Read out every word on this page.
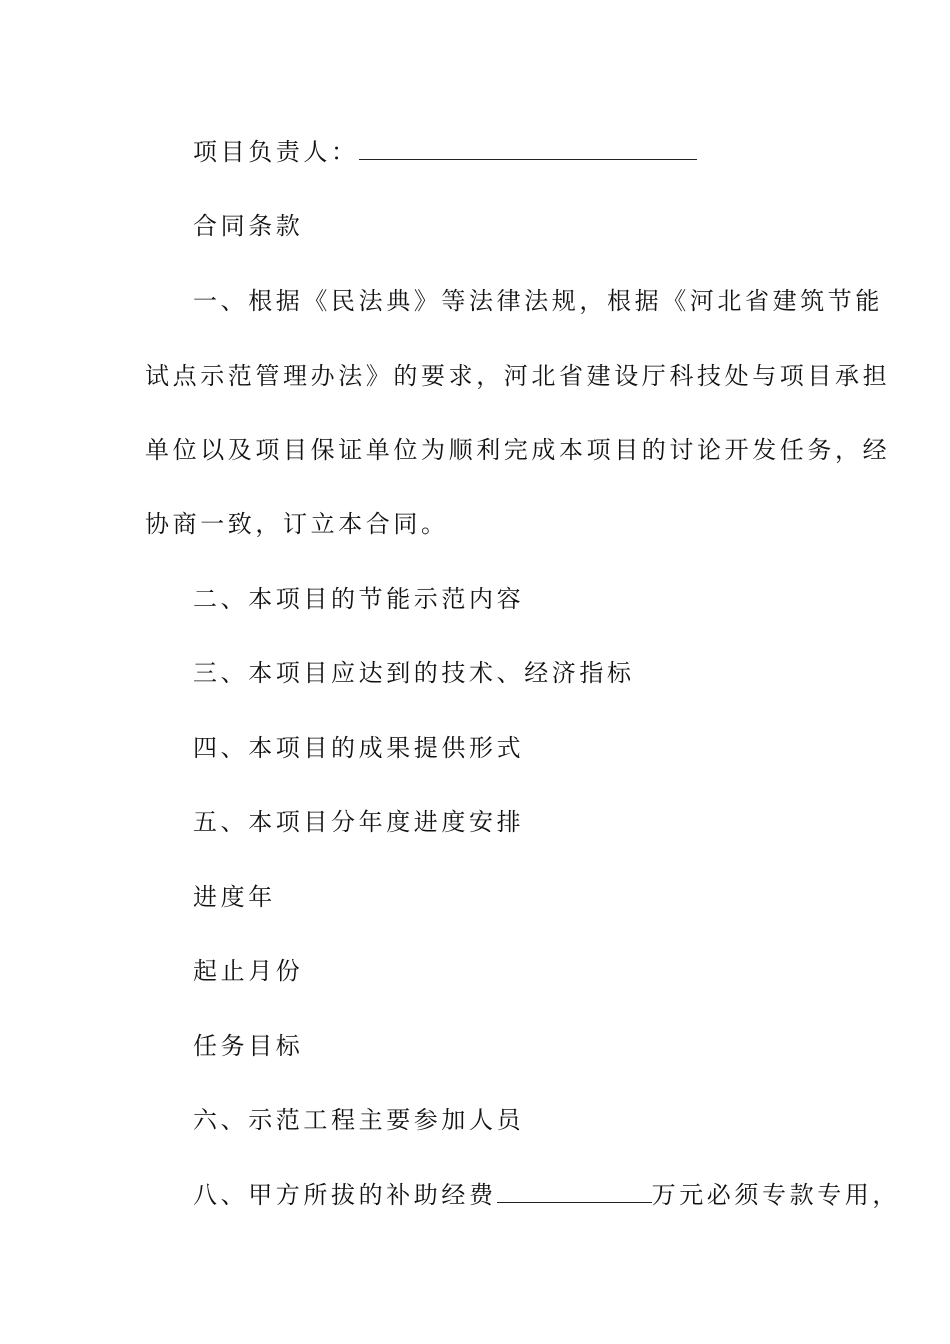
项目负责人：
合同条款
一、根据《民法典》等法律法规，根据《河北省建筑节能
试点示范管理办法》的要求，河北省建设厅科技处与项目承担
单位以及项目保证单位为顺利完成本项目的讨论开发任务，经
协商一致，订立本合同。
二、本项目的节能示范内容
三、本项目应达到的技术、经济指标
四、本项目的成果提供形式
五、本项目分年度进度安排
进度年
起止月份
任务目标
六、示范工程主要参加人员
八、甲方所拔的补助经费	万元必须专款专用，
